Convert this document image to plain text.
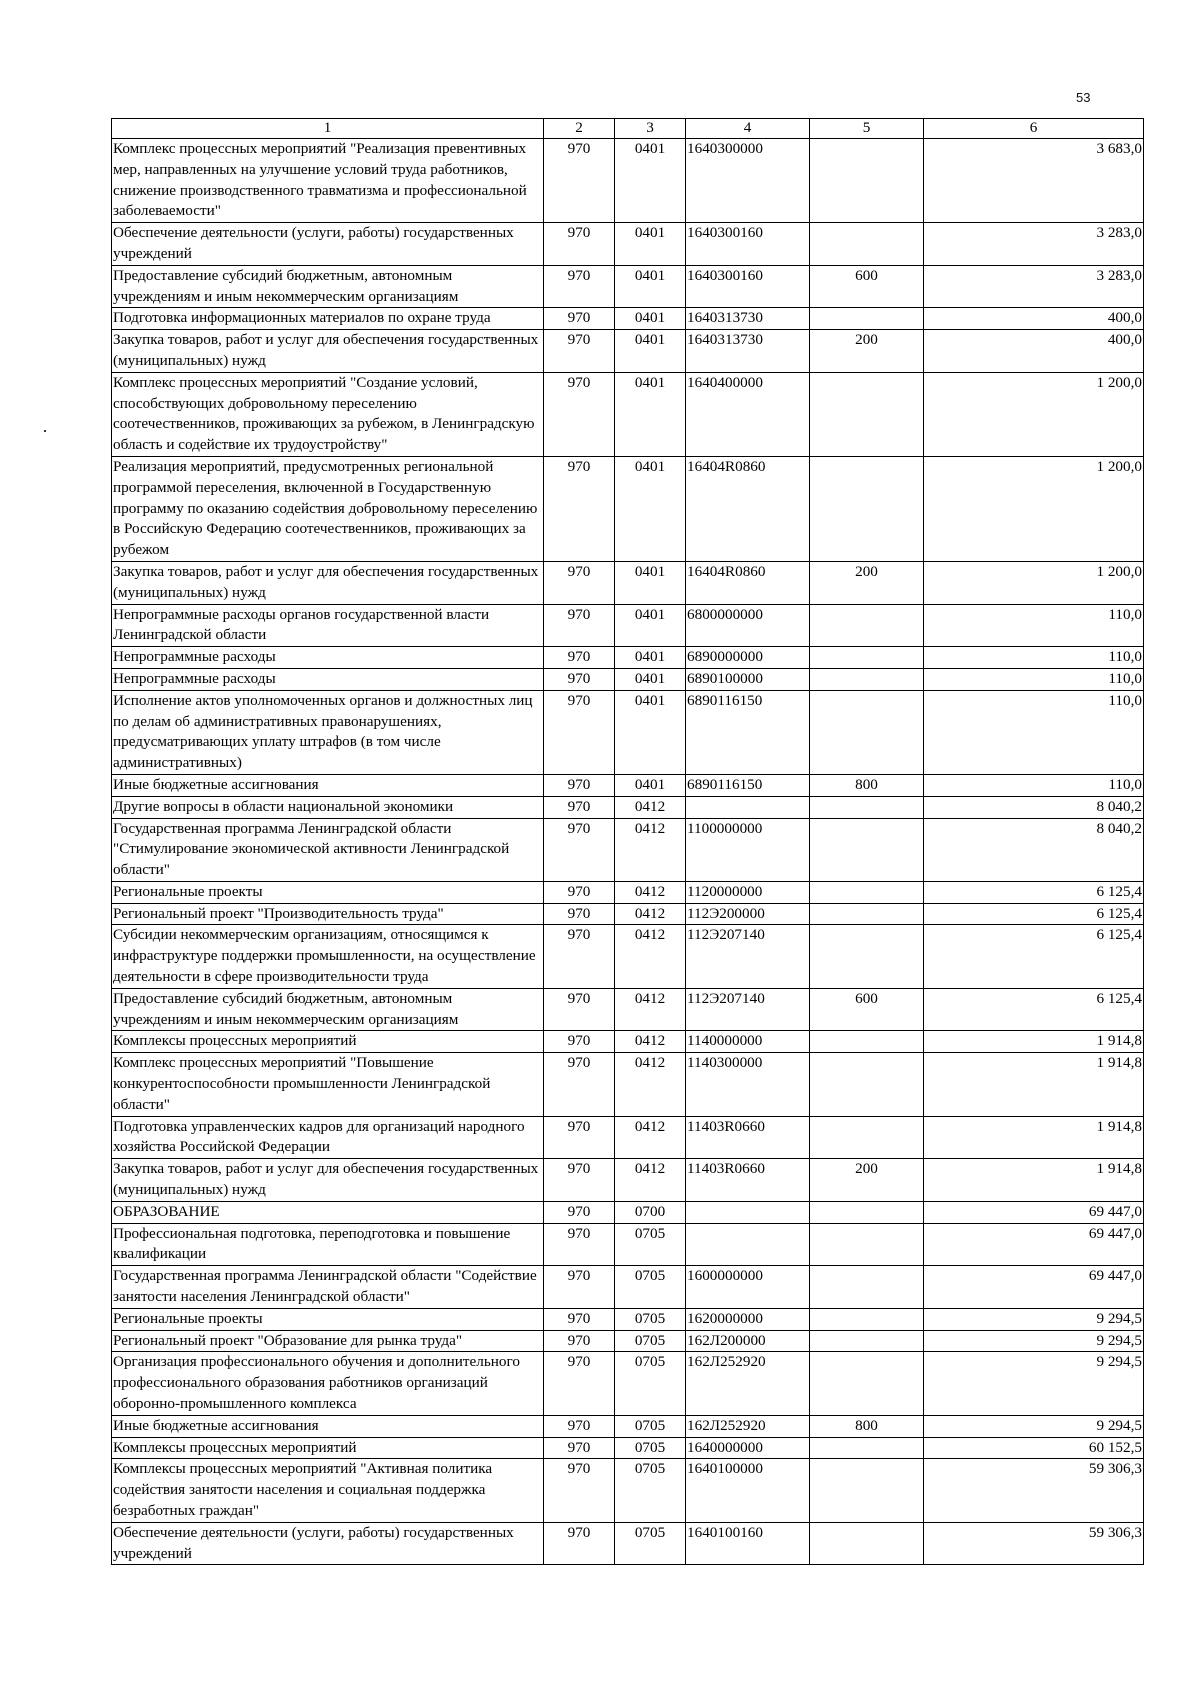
53
1	2	3	4	5	6
Комплекс процессных мероприятий "Реализация превентивных мер, направленных на улучшение условий труда работников, снижение производственного травматизма и профессиональной заболеваемости"	970	0401	1640300000		3 683,0
Обеспечение деятельности (услуги, работы) государственных учреждений	970	0401	1640300160		3 283,0
Предоставление субсидий бюджетным, автономным учреждениям и иным некоммерческим организациям	970	0401	1640300160	600	3 283,0
Подготовка информационных материалов по охране труда	970	0401	1640313730		400,0
Закупка товаров, работ и услуг для обеспечения государственных (муниципальных) нужд	970	0401	1640313730	200	400,0
Комплекс процессных мероприятий "Создание условий, способствующих добровольному переселению соотечественников, проживающих за рубежом, в Ленинградскую область и содействие их трудоустройству"	970	0401	1640400000		1 200,0
Реализация мероприятий, предусмотренных региональной программой переселения, включенной в Государственную программу по оказанию содействия добровольному переселению в Российскую Федерацию соотечественников, проживающих за рубежом	970	0401	16404R0860		1 200,0
Закупка товаров, работ и услуг для обеспечения государственных (муниципальных) нужд	970	0401	16404R0860	200	1 200,0
Непрограммные расходы органов государственной власти Ленинградской области	970	0401	6800000000		110,0
Непрограммные расходы	970	0401	6890000000		110,0
Непрограммные расходы	970	0401	6890100000		110,0
Исполнение актов уполномоченных органов и должностных лиц по делам об административных правонарушениях, предусматривающих уплату штрафов (в том числе административных)	970	0401	6890116150		110,0
Иные бюджетные ассигнования	970	0401	6890116150	800	110,0
Другие вопросы в области национальной экономики	970	0412			8 040,2
Государственная программа Ленинградской области "Стимулирование экономической активности Ленинградской области"	970	0412	1100000000		8 040,2
Региональные проекты	970	0412	1120000000		6 125,4
Региональный проект "Производительность труда"	970	0412	112Э200000		6 125,4
Субсидии некоммерческим организациям, относящимся к инфраструктуре поддержки промышленности, на осуществление деятельности в сфере производительности труда	970	0412	112Э207140		6 125,4
Предоставление субсидий бюджетным, автономным учреждениям и иным некоммерческим организациям	970	0412	112Э207140	600	6 125,4
Комплексы процессных мероприятий	970	0412	1140000000		1 914,8
Комплекс процессных мероприятий "Повышение конкурентоспособности промышленности Ленинградской области"	970	0412	1140300000		1 914,8
Подготовка управленческих кадров для организаций народного хозяйства Российской Федерации	970	0412	11403R0660		1 914,8
Закупка товаров, работ и услуг для обеспечения государственных (муниципальных) нужд	970	0412	11403R0660	200	1 914,8
ОБРАЗОВАНИЕ	970	0700			69 447,0
Профессиональная подготовка, переподготовка и повышение квалификации	970	0705			69 447,0
Государственная программа Ленинградской области "Содействие занятости населения Ленинградской области"	970	0705	1600000000		69 447,0
Региональные проекты	970	0705	1620000000		9 294,5
Региональный проект "Образование для рынка труда"	970	0705	162Л200000		9 294,5
Организация профессионального обучения и дополнительного профессионального образования работников организаций оборонно-промышленного комплекса	970	0705	162Л252920		9 294,5
Иные бюджетные ассигнования	970	0705	162Л252920	800	9 294,5
Комплексы процессных мероприятий	970	0705	1640000000		60 152,5
Комплексы процессных мероприятий "Активная политика содействия занятости населения и социальная поддержка безработных граждан"	970	0705	1640100000		59 306,3
Обеспечение деятельности (услуги, работы) государственных учреждений	970	0705	1640100160		59 306,3
